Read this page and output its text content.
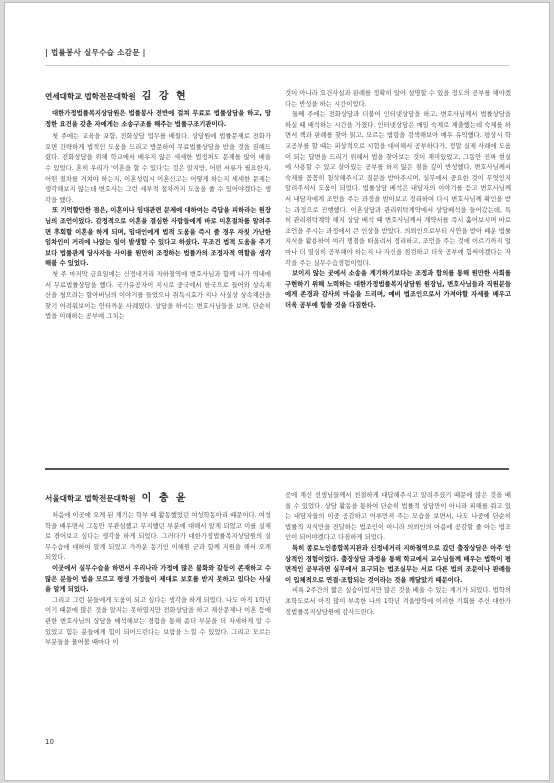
| 법률봉사 실무수습 소감문 |
연세대학교 법학전문대학원 김 강 현

대한가정법률복지상담원은 법률봉사 전반에 걸쳐 무료로 법률상담을 하고, 망정한 요건을 갖춘 자에게는 소송구조를 해주는 법률구조기관이다.

첫 주에는 교육을 포함, 전화상담 업무를 배웠다. 상담원에 법률문제로 전화가 오면 간략하게 법적인 도움을 드리고 방문하여 무료법률상담을 받을 것을 권해드렸다. 전화상담을 위해 학교에서 배우지 않은 세세한 법정처도 문제를 많이 배울 수 있었다. 혼히 우리가 '이혼을 할 수 있다'는 것은 알지만, 어떤 서류가 필요한지, 어떤 절차를 거쳐야 하는지, 이혼성립시 이혼신고는 어떻게 하는지 세세한 문제는 생각해보지 않는데 변호사는 그런 세부적 절차까지 도움을 줄 수 있어야겠다는 생각을 했다.

또 기억할만한 점은, 이혼이나 임대관련 문제에 대하여는 즉답을 피하라는 원장님의 조언이었다. 감정적으로 이혼을 결심한 사람들에게 바로 이혼절차를 알려주면 후회할 이혼을 하게 되며, 임대인에게 법적 도움을 즉시 줄 경우 자칫 가난한 임차인이 거리에 나앉는 일이 발생할 수 있다고 하셨다. 무조건 법적 도움을 주기보다 법률관계 당사자들 사이를 원만히 조정하는 법률가의 조정자적 역할을 생각해볼 수 있었다.

첫 주 마지막 금요일에는 신정네거리 자하철역에 변호사님과 함께 나가 역내에서 무료법률상담을 했다. 국가유공자이 지시로 중국에서 한국으로 들어와 상속재산을 청으려는 할아버님의 이야기를 들었으나 취득시효가 지나 사실상 상속재산을 찾기 어려워보이는 안타까운 사례였다. 상담을 하시는 변호사님들을 보며, 단순히 법을 이해하는 공부에 그치는

것이 아니라 요건사실과 판례를 정확히 알아 설명할 수 있을 정도의 공부를 해야겠다는 반성을 하는 시간이었다.

둘째 주에는 전화상담과 더불어 인터넷상담을 하고, 변호사님께서 법률상담을 하실 때 배석하는 시간을 가졌다. 인터넷상담은 매일 숙제로 제출했는데 숙제를 하면서 책과 판례를 찾아 읽고, 모르는 법령을 검색해보아 매우 유익했다. 평상시 학교공부를 할 때는 피상적으로 시험을 대비해서 공부하다가, 정말 실제 사례에 도움이 되는 답변을 드리기 위해서 법을 찾아보는 것이 재미있었고, 그동안 진짜 현실에 사용할 수 있고 살아있는 공부를 하지 않은 점을 깊이 반성했다. 변호사님께서 숙제를 꼼꼼히 첨삭해주시고 질문을 받아주시며, 실무에서 중요한 것이 무엇인지 알려주셔서 도움이 되었다. 법률상담 배석은 내담자의 이야기를 듣고 변호사님께서 내담자에게 조언을 주는 과정을 밤아보고 정리하여 다시 변호사님께 확인을 받는 과정으로 진행했다. 이혼상담과 관리위탁계약에서 상담배석을 들어갔는데, 특히 관리위탁계약 해지 상담 배석 때 변호사님께서 계약서를 즉시 훑어보시며 바로 조언을 주시는 과정에서 큰 인상을 받았다. 의뢰인으로부터 사안을 받아 배운 법률지식을 활용하여 여러 쟁점을 떠올려서 정리하고, 조언을 주는 것에 이르기까지 얼마나 더 열심히 공부해야 하는지 나 자신을 점검하고 더욱 공부에 힘써야겠다는 자각을 주는 실무수습경험이었다.

보이지 않는 곳에서 소송을 계기하기보다는 조정과 합의를 통해 원만한 사회를 구현하기 위해 노력하는 대한가정법률복지상담원 원장님, 변호사님들과 직원분들에게 존경과 감사의 마음을 드리며, 예비 법조인으로서 가져야할 자세를 배우고 더욱 공부에 힘쓸 것을 다짐한다.

서울대학교 법학전문대학원 이 충 윤

처음에 이곳에 오게 된 계기는 학부 때 활동했었던 여성학동아리 때문이다. 여성학을 배우면서 그동안 무관심했고 무지했던 부분에 대해서 알게 되었고 이를 실제로 겪어보고 싶다는 생각을 하게 되었다. 그러다가 대한가정법률복지상담원의 실무수습에 대하여 알게 되었고 가까운 동기인 이혜원 군과 함께 지원을 해서 오게 되었다.

이곳에서 실무수습을 하면서 우리나라 가정에 많은 불화와 갈등이 존재하고 수많은 분들이 법을 모르고 평생 가정들이 제대로 보호를 받지 못하고 있다는 사실을 알게 되었다.

그리고 그런 분들에게 도움이 되고 싶다는 생각을 하게 되었다. 나도 아직 1학년이기 때문에 많은 것을 알지는 못하였지만 전화상담을 하고 재산문제나 이혼 등에 관한 변호사님의 상담을 배석해보는 경험을 통해 좀더 부분을 더 자세하게 알 수 있었고 힘든 분들에게 힘이 되어드린다는 보람을 느낄 수 있었다. 그리고 모르는 부분들을 물어볼 때마다 이

곳에 계신 선생님들께서 친절하게 대답해주시고 알려주셨기 때문에 많은 것을 배울 수 있었다. 상담 활동을 통하여 단순히 법률적 상담만이 아니라 피해를 줘고 있는 내담자들의 이중 공감하고 어루만져 주는 모습을 보면서, 나도 나중에 단순히 법률적 지식만을 전달하는 법조인이 아니라 의뢰인의 아픔에 공감할 줄 아는 법조인이 되어야겠다고 다짐하게 되었다.

특히 종로노인종합복지관과 신정네거리 지하철역으로 갔던 출장상담은 아주 인상적인 경험이었다. 출장상담 과정을 통해 학교에서 교수님들께 배우는 법학이 평면적인 공부라면 실무에서 요구되는 법조실무는 서로 다른 법의 조문이나 판례들이 입체적으로 연결·조합되는 것이라는 것을 깨달았기 때문이다.

비록 2주간의 짧은 실습이었지만 많은 것을 배울 수 있는 계기가 되었다. 법학의 초학도로서 아직 많이 부족한 나의 1학년 겨울방학에 이러한 기회를 주신 대한가정법률복지상담원에 감사드린다.

10
